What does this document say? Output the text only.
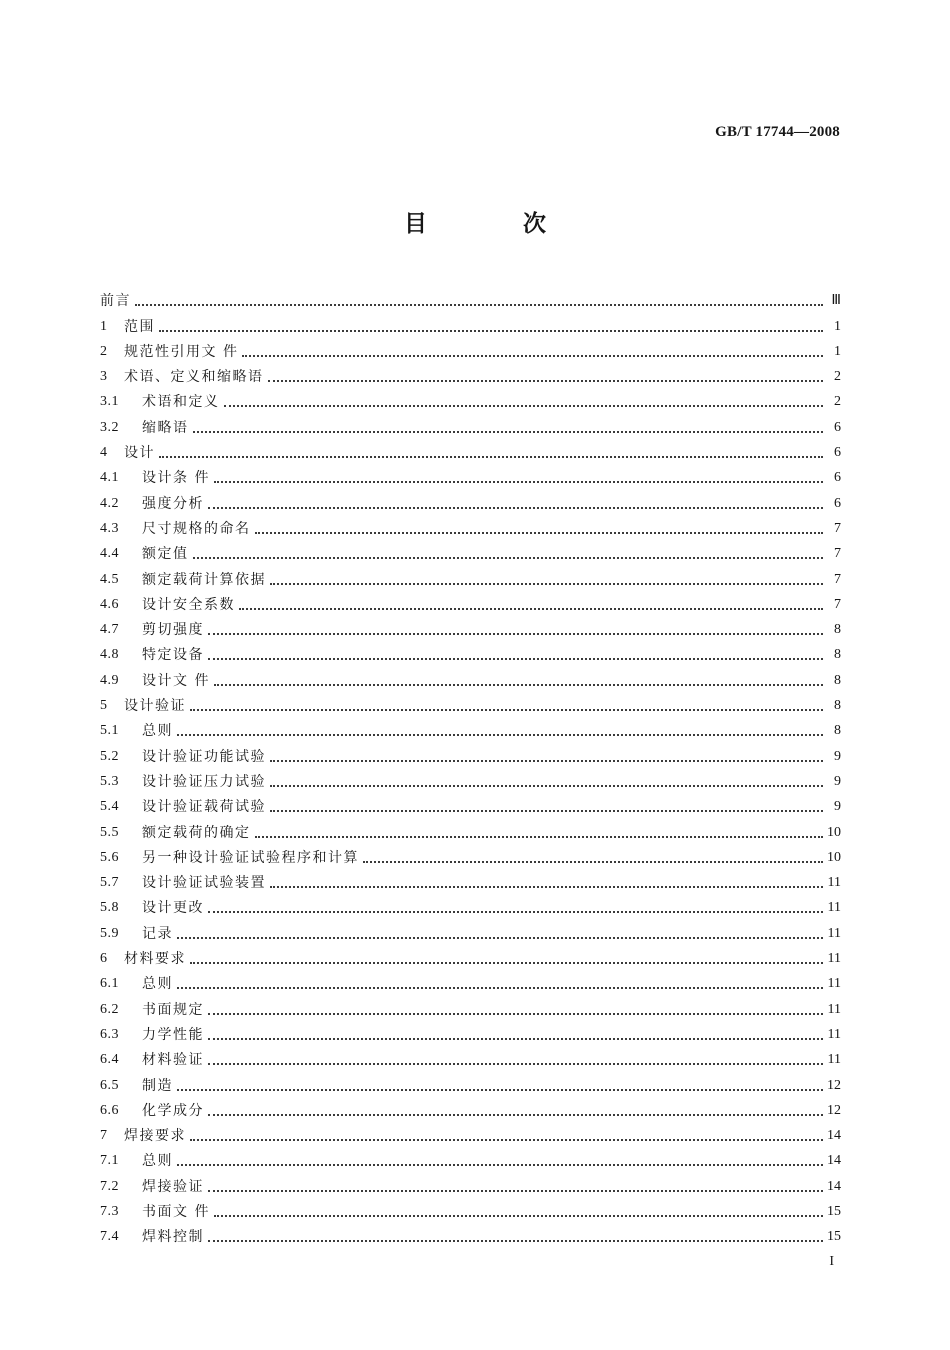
GB/T 17744—2008
目 次
前言	Ⅲ
1	范围	1
2	规范性引用文 件	1
3	术语、定义和缩略语	2
3.1	术语和定义	2
3.2	缩略语	6
4	设计	6
4.1	设计条 件	6
4.2	强度分析	6
4.3	尺寸规格的命名	7
4.4	额定值	7
4.5	额定载荷计算依据	7
4.6	设计安全系数	7
4.7	剪切强度	8
4.8	特定设备	8
4.9	设计文 件	8
5	设计验证	8
5.1	总则	8
5.2	设计验证功能试验	9
5.3	设计验证压力试验	9
5.4	设计验证载荷试验	9
5.5	额定载荷的确定	10
5.6	另一种设计验证试验程序和计算	10
5.7	设计验证试验装置	11
5.8	设计更改	11
5.9	记录	11
6	材料要求	11
6.1	总则	11
6.2	书面规定	11
6.3	力学性能	11
6.4	材料验证	11
6.5	制造	12
6.6	化学成分	12
7	焊接要求	14
7.1	总则	14
7.2	焊接验证	14
7.3	书面文 件	15
7.4	焊料控制	15
I
